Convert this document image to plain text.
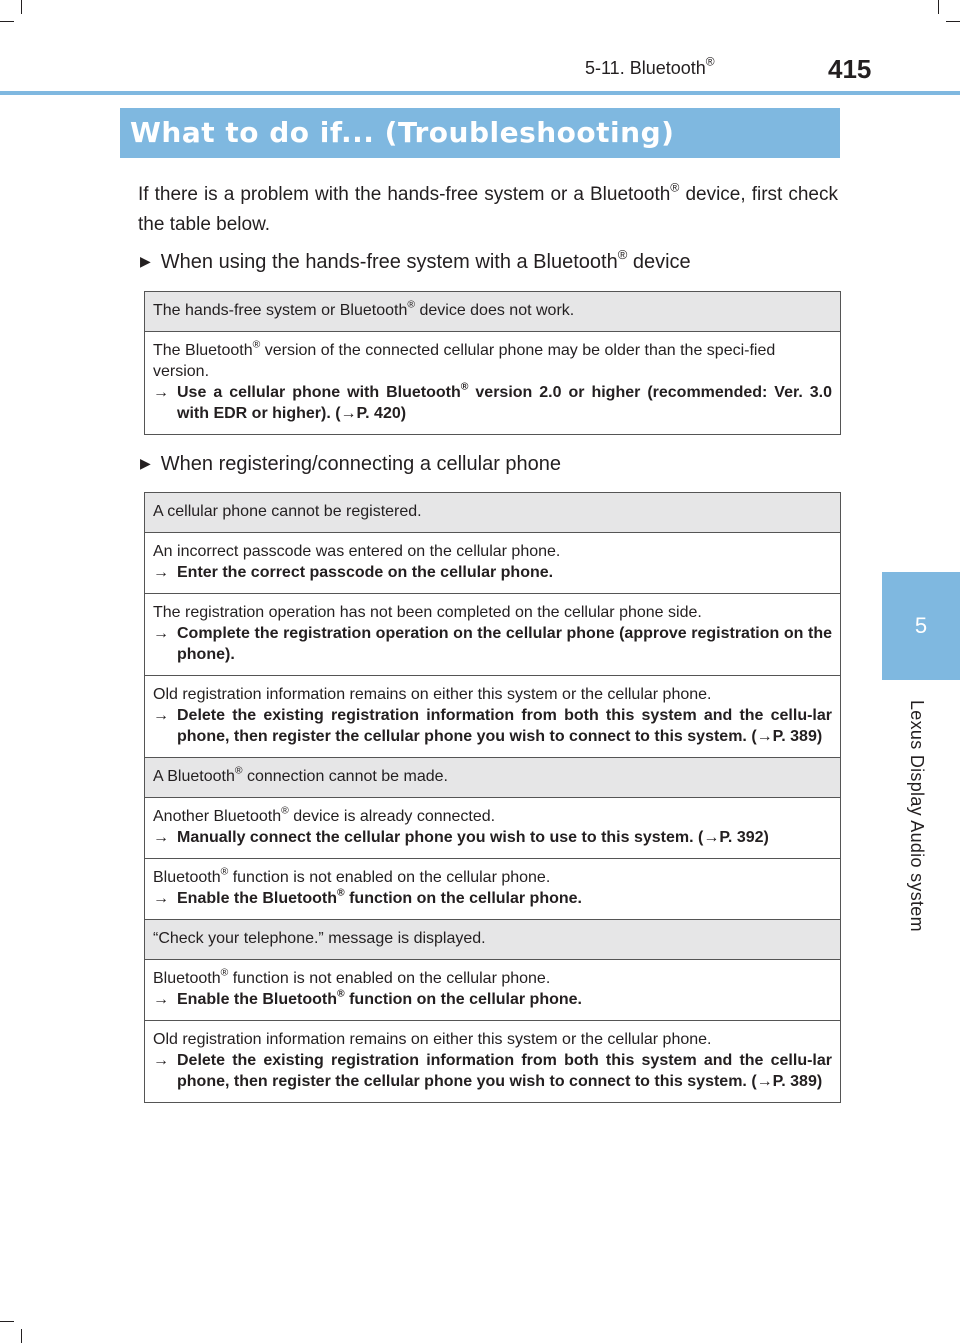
5-11. Bluetooth®	415
5
Lexus Display Audio system
What to do if... (Troubleshooting)
If there is a problem with the hands-free system or a Bluetooth® device, first check the table below.
▶ When using the hands-free system with a Bluetooth® device
The hands-free system or Bluetooth® device does not work.
The Bluetooth® version of the connected cellular phone may be older than the speci-fied version.
→ Use a cellular phone with Bluetooth® version 2.0 or higher (recommended: Ver. 3.0 with EDR or higher). (→P. 420)
▶ When registering/connecting a cellular phone
A cellular phone cannot be registered.
An incorrect passcode was entered on the cellular phone.
→ Enter the correct passcode on the cellular phone.
The registration operation has not been completed on the cellular phone side.
→ Complete the registration operation on the cellular phone (approve registration on the phone).
Old registration information remains on either this system or the cellular phone.
→ Delete the existing registration information from both this system and the cellu-lar phone, then register the cellular phone you wish to connect to this system. (→P. 389)
A Bluetooth® connection cannot be made.
Another Bluetooth® device is already connected.
→ Manually connect the cellular phone you wish to use to this system. (→P. 392)
Bluetooth® function is not enabled on the cellular phone.
→ Enable the Bluetooth® function on the cellular phone.
“Check your telephone.” message is displayed.
Bluetooth® function is not enabled on the cellular phone.
→ Enable the Bluetooth® function on the cellular phone.
Old registration information remains on either this system or the cellular phone.
→ Delete the existing registration information from both this system and the cellu-lar phone, then register the cellular phone you wish to connect to this system. (→P. 389)
